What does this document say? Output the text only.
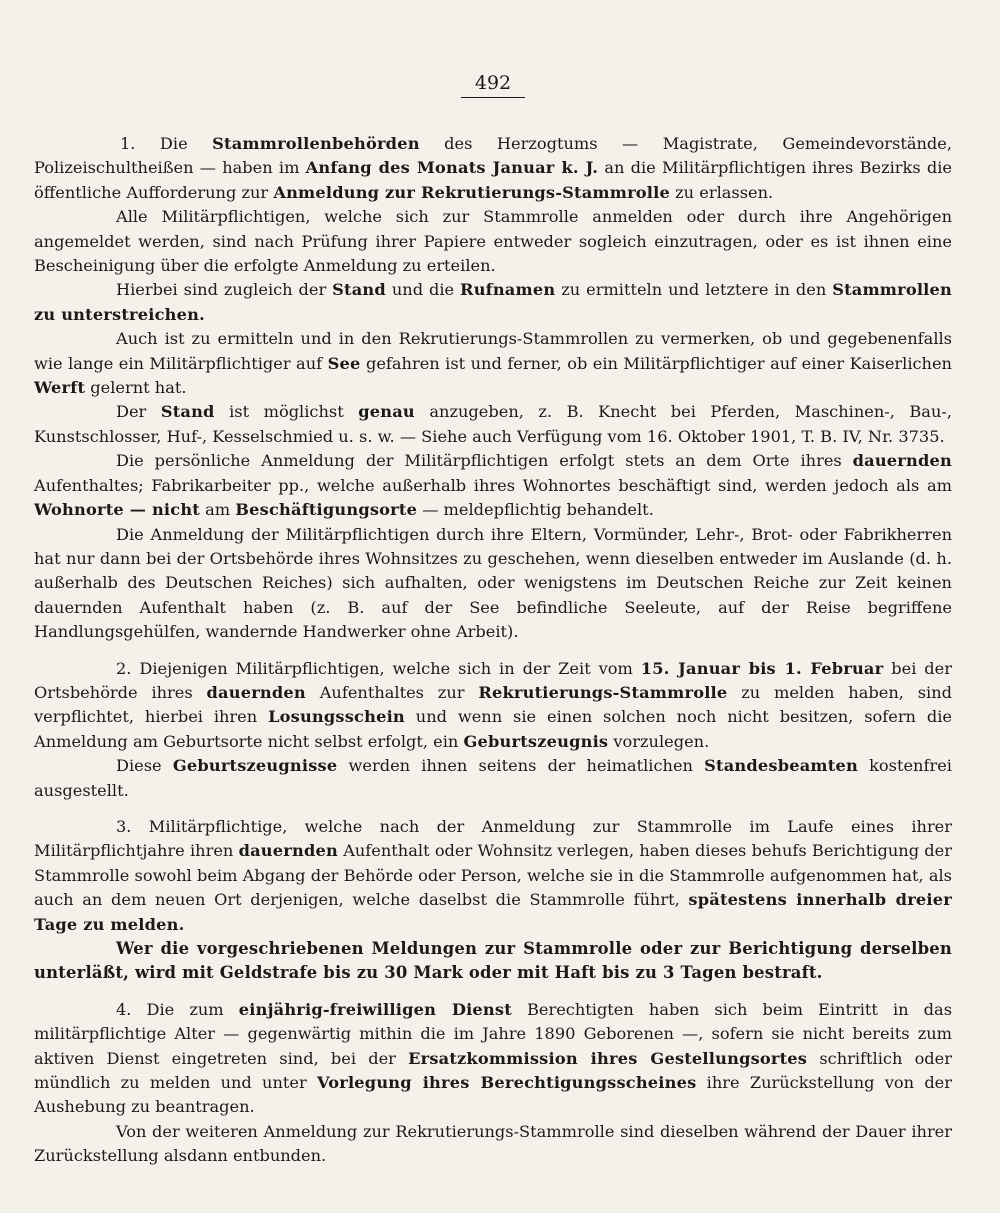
492

1. Die Stammrollenbehörden des Herzogtums — Magistrate, Gemeindevorstände, Polizeischultheißen — haben im Anfang des Monats Januar k. J. an die Militärpflichtigen ihres Bezirks die öffentliche Aufforderung zur Anmeldung zur Rekrutierungs-Stammrolle zu erlassen.

Alle Militärpflichtigen, welche sich zur Stammrolle anmelden oder durch ihre Angehörigen angemeldet werden, sind nach Prüfung ihrer Papiere entweder sogleich einzutragen, oder es ist ihnen eine Bescheinigung über die erfolgte Anmeldung zu erteilen.

Hierbei sind zugleich der Stand und die Rufnamen zu ermitteln und letztere in den Stammrollen zu unterstreichen.

Auch ist zu ermitteln und in den Rekrutierungs-Stammrollen zu vermerken, ob und gegebenenfalls wie lange ein Militärpflichtiger auf See gefahren ist und ferner, ob ein Militärpflichtiger auf einer Kaiserlichen Werft gelernt hat.

Der Stand ist möglichst genau anzugeben, z. B. Knecht bei Pferden, Maschinen-, Bau-, Kunstschlosser, Huf-, Kesselschmied u. s. w. — Siehe auch Verfügung vom 16. Oktober 1901, T. B. IV, Nr. 3735.

Die persönliche Anmeldung der Militärpflichtigen erfolgt stets an dem Orte ihres dauernden Aufenthaltes; Fabrikarbeiter pp., welche außerhalb ihres Wohnortes beschäftigt sind, werden jedoch als am Wohnorte — nicht am Beschäftigungsorte — meldepflichtig behandelt.

Die Anmeldung der Militärpflichtigen durch ihre Eltern, Vormünder, Lehr-, Brot- oder Fabrikherren hat nur dann bei der Ortsbehörde ihres Wohnsitzes zu geschehen, wenn dieselben entweder im Auslande (d. h. außerhalb des Deutschen Reiches) sich aufhalten, oder wenigstens im Deutschen Reiche zur Zeit keinen dauernden Aufenthalt haben (z. B. auf der See befindliche Seeleute, auf der Reise begriffene Handlungsgehülfen, wandernde Handwerker ohne Arbeit).

2. Diejenigen Militärpflichtigen, welche sich in der Zeit vom 15. Januar bis 1. Februar bei der Ortsbehörde ihres dauernden Aufenthaltes zur Rekrutierungs-Stammrolle zu melden haben, sind verpflichtet, hierbei ihren Losungsschein und wenn sie einen solchen noch nicht besitzen, sofern die Anmeldung am Geburtsorte nicht selbst erfolgt, ein Geburtszeugnis vorzulegen.

Diese Geburtszeugnisse werden ihnen seitens der heimatlichen Standesbeamten kostenfrei ausgestellt.

3. Militärpflichtige, welche nach der Anmeldung zur Stammrolle im Laufe eines ihrer Militärpflichtjahre ihren dauernden Aufenthalt oder Wohnsitz verlegen, haben dieses behufs Berichtigung der Stammrolle sowohl beim Abgang der Behörde oder Person, welche sie in die Stammrolle aufgenommen hat, als auch an dem neuen Ort derjenigen, welche daselbst die Stammrolle führt, spätestens innerhalb dreier Tage zu melden.

Wer die vorgeschriebenen Meldungen zur Stammrolle oder zur Berichtigung derselben unterläßt, wird mit Geldstrafe bis zu 30 Mark oder mit Haft bis zu 3 Tagen bestraft.

4. Die zum einjährig-freiwilligen Dienst Berechtigten haben sich beim Eintritt in das militärpflichtige Alter — gegenwärtig mithin die im Jahre 1890 Geborenen —, sofern sie nicht bereits zum aktiven Dienst eingetreten sind, bei der Ersatzkommission ihres Gestellungsortes schriftlich oder mündlich zu melden und unter Vorlegung ihres Berechtigungsscheines ihre Zurückstellung von der Aushebung zu beantragen.

Von der weiteren Anmeldung zur Rekrutierungs-Stammrolle sind dieselben während der Dauer ihrer Zurückstellung alsdann entbunden.
